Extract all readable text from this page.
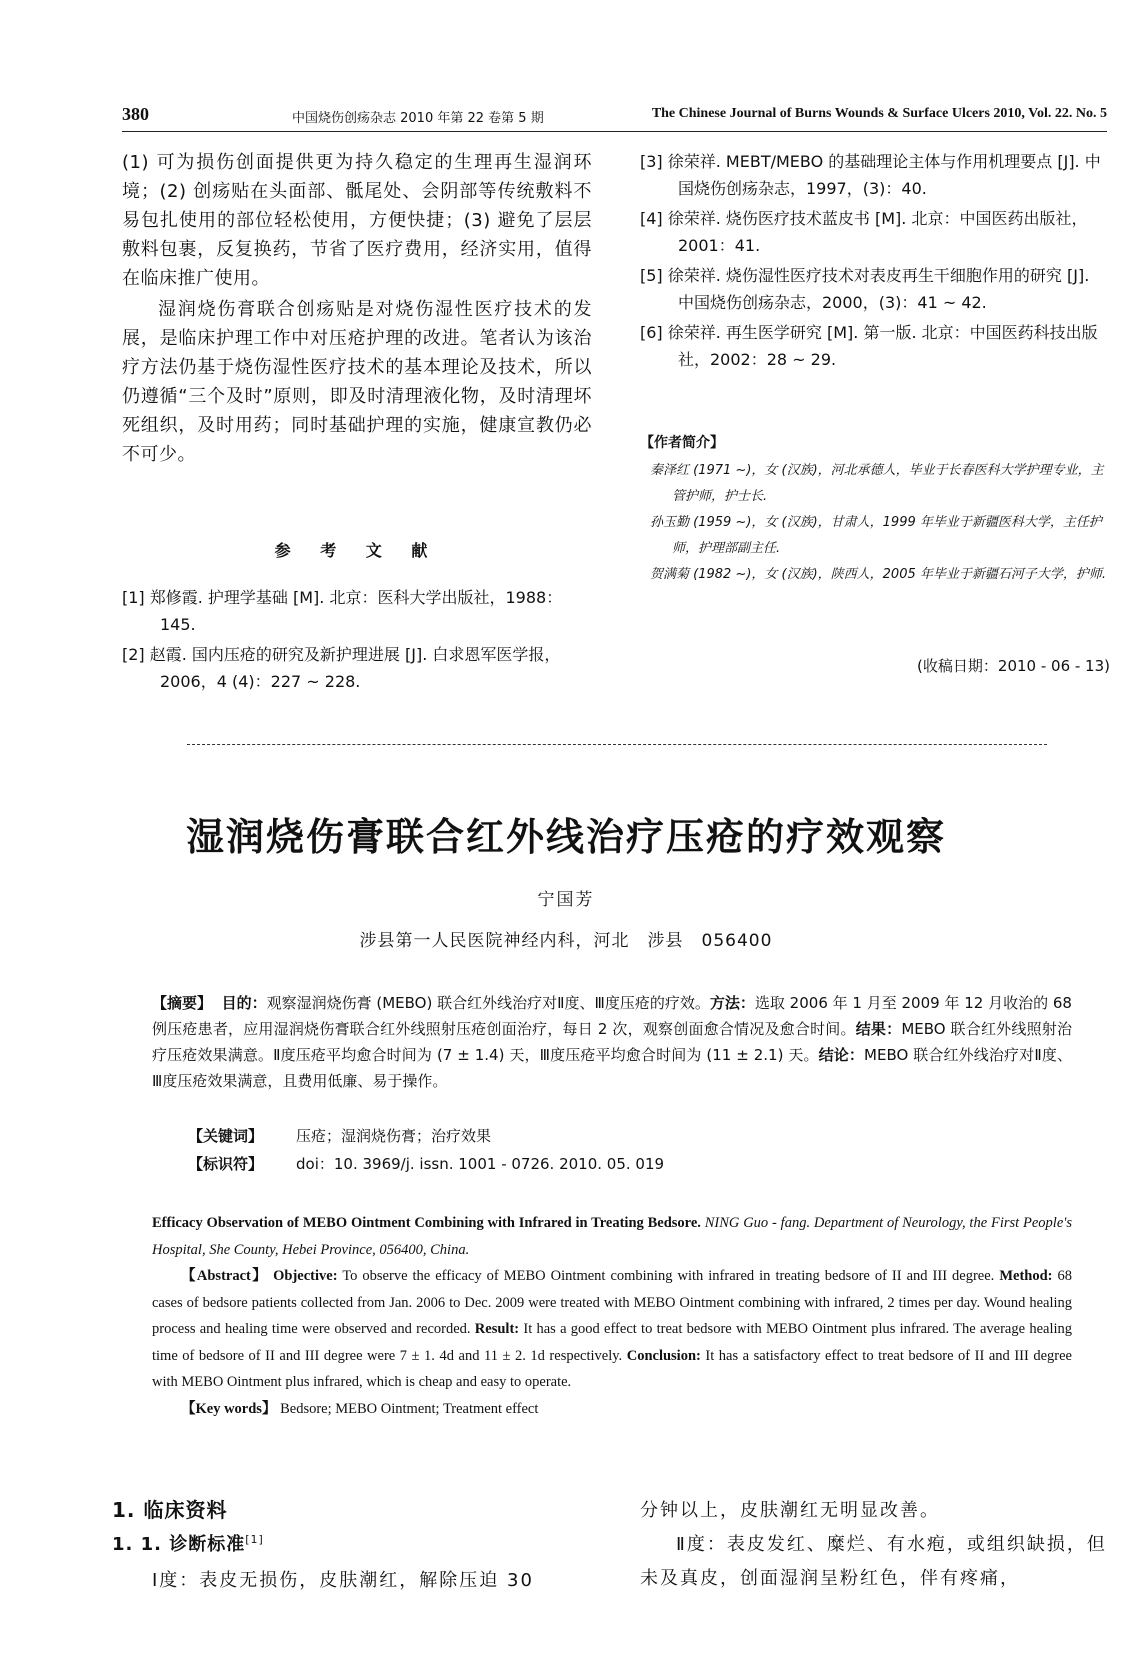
380	中国烧伤创疡杂志 2010 年第 22 卷第 5 期	The Chinese Journal of Burns Wounds & Surface Ulcers 2010, Vol. 22. No. 5

(1) 可为损伤创面提供更为持久稳定的生理再生湿润环境；(2) 创疡贴在头面部、骶尾处、会阴部等传统敷料不易包扎使用的部位轻松使用，方便快捷；(3) 避免了层层敷料包裹，反复换药，节省了医疗费用，经济实用，值得在临床推广使用。

湿润烧伤膏联合创疡贴是对烧伤湿性医疗技术的发展，是临床护理工作中对压疮护理的改进。笔者认为该治疗方法仍基于烧伤湿性医疗技术的基本理论及技术，所以仍遵循“三个及时”原则，即及时清理液化物，及时清理坏死组织，及时用药；同时基础护理的实施，健康宣教仍必不可少。

参 考 文 献

[1] 郑修霞. 护理学基础 [M]. 北京：医科大学出版社，1988：145.

[2] 赵霞. 国内压疮的研究及新护理进展 [J]. 白求恩军医学报，2006，4 (4)：227 ~ 228.

[3] 徐荣祥. MEBT/MEBO 的基础理论主体与作用机理要点 [J]. 中国烧伤创疡杂志，1997，(3)：40.

[4] 徐荣祥. 烧伤医疗技术蓝皮书 [M]. 北京：中国医药出版社，2001：41.

[5] 徐荣祥. 烧伤湿性医疗技术对表皮再生干细胞作用的研究 [J]. 中国烧伤创疡杂志，2000，(3)：41 ~ 42.

[6] 徐荣祥. 再生医学研究 [M]. 第一版. 北京：中国医药科技出版社，2002：28 ~ 29.

【作者简介】

秦泽红 (1971 ~)，女 (汉族)，河北承德人，毕业于长春医科大学护理专业，主管护师，护士长.

孙玉勤 (1959 ~)，女 (汉族)，甘肃人，1999 年毕业于新疆医科大学，主任护师，护理部副主任.

贺满菊 (1982 ~)，女 (汉族)，陕西人，2005 年毕业于新疆石河子大学，护师.

(收稿日期：2010 - 06 - 13)
湿润烧伤膏联合红外线治疗压疮的疗效观察
宁国芳
涉县第一人民医院神经内科，河北　涉县　056400

【摘要】 目的：观察湿润烧伤膏 (MEBO) 联合红外线治疗对Ⅱ度、Ⅲ度压疮的疗效。方法：选取 2006 年 1 月至 2009 年 12 月收治的 68 例压疮患者，应用湿润烧伤膏联合红外线照射压疮创面治疗，每日 2 次，观察创面愈合情况及愈合时间。结果：MEBO 联合红外线照射治疗压疮效果满意。Ⅱ度压疮平均愈合时间为 (7 ± 1.4) 天，Ⅲ度压疮平均愈合时间为 (11 ± 2.1) 天。结论：MEBO 联合红外线治疗对Ⅱ度、Ⅲ度压疮效果满意，且费用低廉、易于操作。

【关键词】 压疮；湿润烧伤膏；治疗效果
【标识符】 doi：10. 3969/j. issn. 1001 - 0726. 2010. 05. 019

Efficacy Observation of MEBO Ointment Combining with Infrared in Treating Bedsore. NING Guo - fang. Department of Neurology, the First People's Hospital, She County, Hebei Province, 056400, China.

【Abstract】 Objective: To observe the efficacy of MEBO Ointment combining with infrared in treating bedsore of II and III degree. Method: 68 cases of bedsore patients collected from Jan. 2006 to Dec. 2009 were treated with MEBO Ointment combining with infrared, 2 times per day. Wound healing process and healing time were observed and recorded. Result: It has a good effect to treat bedsore with MEBO Ointment plus infrared. The average healing time of bedsore of II and III degree were 7 ± 1. 4d and 11 ± 2. 1d respectively. Conclusion: It has a satisfactory effect to treat bedsore of II and III degree with MEBO Ointment plus infrared, which is cheap and easy to operate.

【Key words】 Bedsore; MEBO Ointment; Treatment effect

1. 临床资料
1. 1. 诊断标准[1]
Ⅰ度：表皮无损伤，皮肤潮红，解除压迫 30

分钟以上，皮肤潮红无明显改善。

Ⅱ度：表皮发红、糜烂、有水疱，或组织缺损，但未及真皮，创面湿润呈粉红色，伴有疼痛，
